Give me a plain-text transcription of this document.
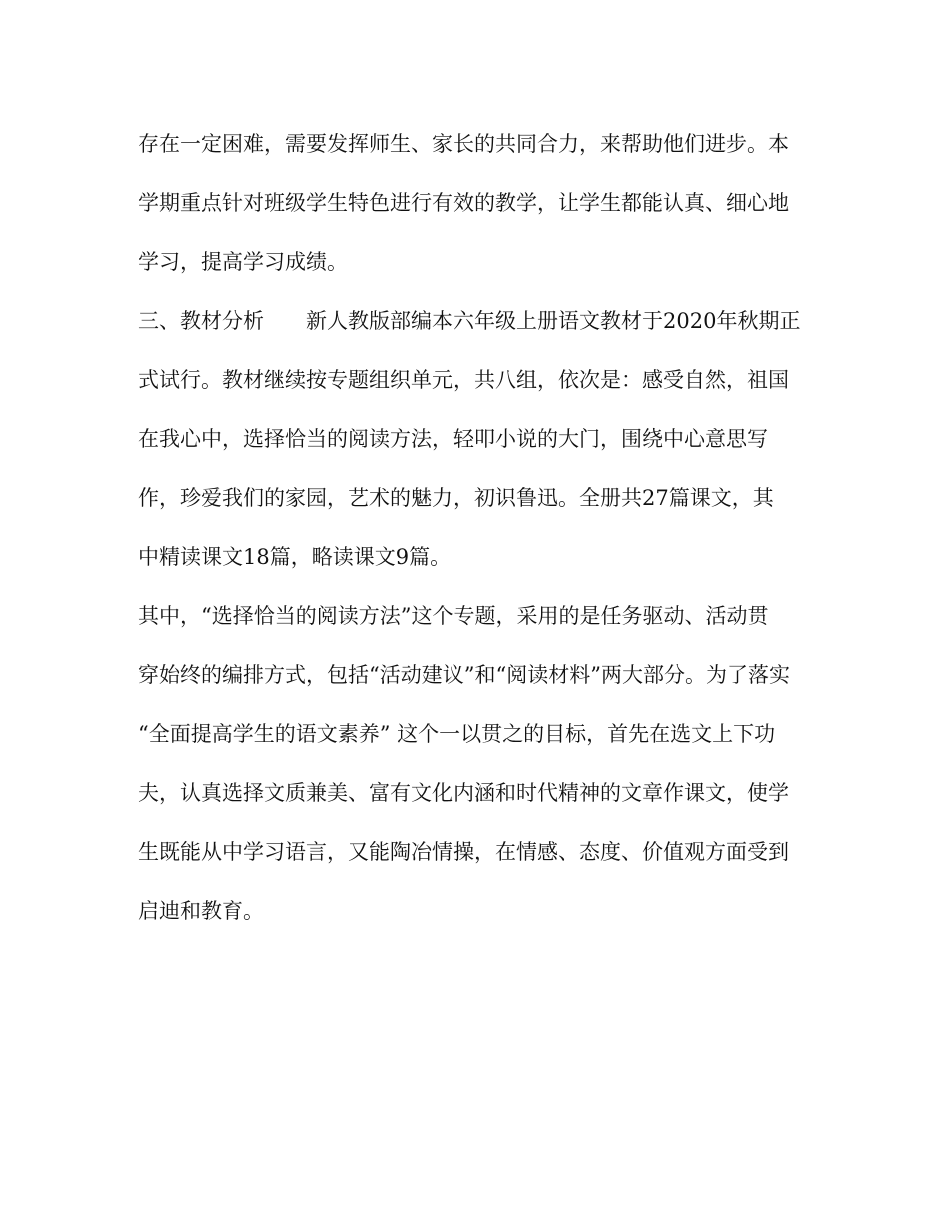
存在一定困难，需要发挥师生、家长的共同合力，来帮助他们进步。本
学期重点针对班级学生特色进行有效的教学，让学生都能认真、细心地
学习，提高学习成绩。
三、教材分析　　新人教版部编本六年级上册语文教材于2020年秋期正
式试行。教材继续按专题组织单元，共八组，依次是：感受自然，祖国
在我心中，选择恰当的阅读方法，轻叩小说的大门，围绕中心意思写
作，珍爱我们的家园，艺术的魅力，初识鲁迅。全册共27篇课文，其
中精读课文18篇，略读课文9篇。
其中，“选择恰当的阅读方法”这个专题，采用的是任务驱动、活动贯
穿始终的编排方式，包括“活动建议”和“阅读材料”两大部分。为了落实
“全面提高学生的语文素养” 这个一以贯之的目标，首先在选文上下功
夫，认真选择文质兼美、富有文化内涵和时代精神的文章作课文，使学
生既能从中学习语言，又能陶冶情操，在情感、态度、价值观方面受到
启迪和教育。
